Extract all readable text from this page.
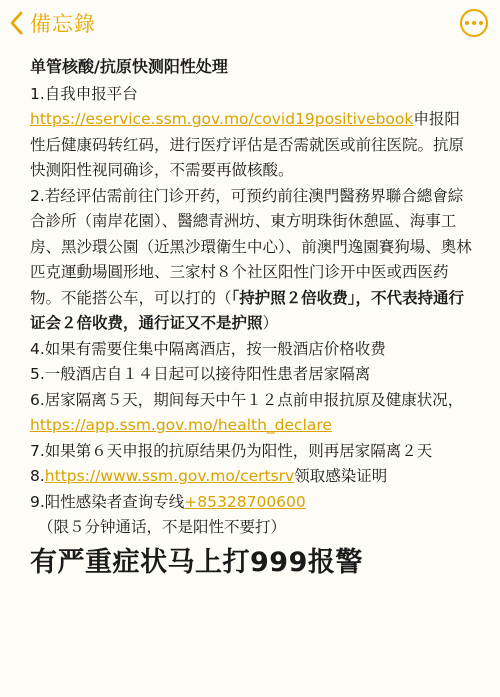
備忘錄

单管核酸/抗原快测阳性处理

1.自我申报平台https://eservice.ssm.gov.mo/covid19positivebook申报阳性后健康码转红码，进行医疗评估是否需就医或前往医院。抗原快测阳性视同确诊，不需要再做核酸。

2.若经评估需前往门诊开药，可预约前往澳門醫務界聯合總會綜合診所（南岸花園）、醫總青洲坊、東方明珠街休憩區、海事工房、黑沙環公園（近黑沙環衛生中心）、前澳門逸園賽狗場、奧林匹克運動場圓形地、三家村８个社区阳性门诊开中医或西医药物。不能搭公车，可以打的（「持护照２倍收费」，不代表持通行证会２倍收费，通行证又不是护照）

4.如果有需要住集中隔离酒店，按一般酒店价格收费

5.一般酒店自１４日起可以接待阳性患者居家隔离

6.居家隔离５天，期间每天中午１２点前申报抗原及健康状况，https://app.ssm.gov.mo/health_declare

7.如果第６天申报的抗原结果仍为阳性，则再居家隔离２天

8.https://www.ssm.gov.mo/certsrv领取感染证明

9.阳性感染者查询专线+85328700600

（限５分钟通话，不是阳性不要打）

有严重症状马上打999报警
